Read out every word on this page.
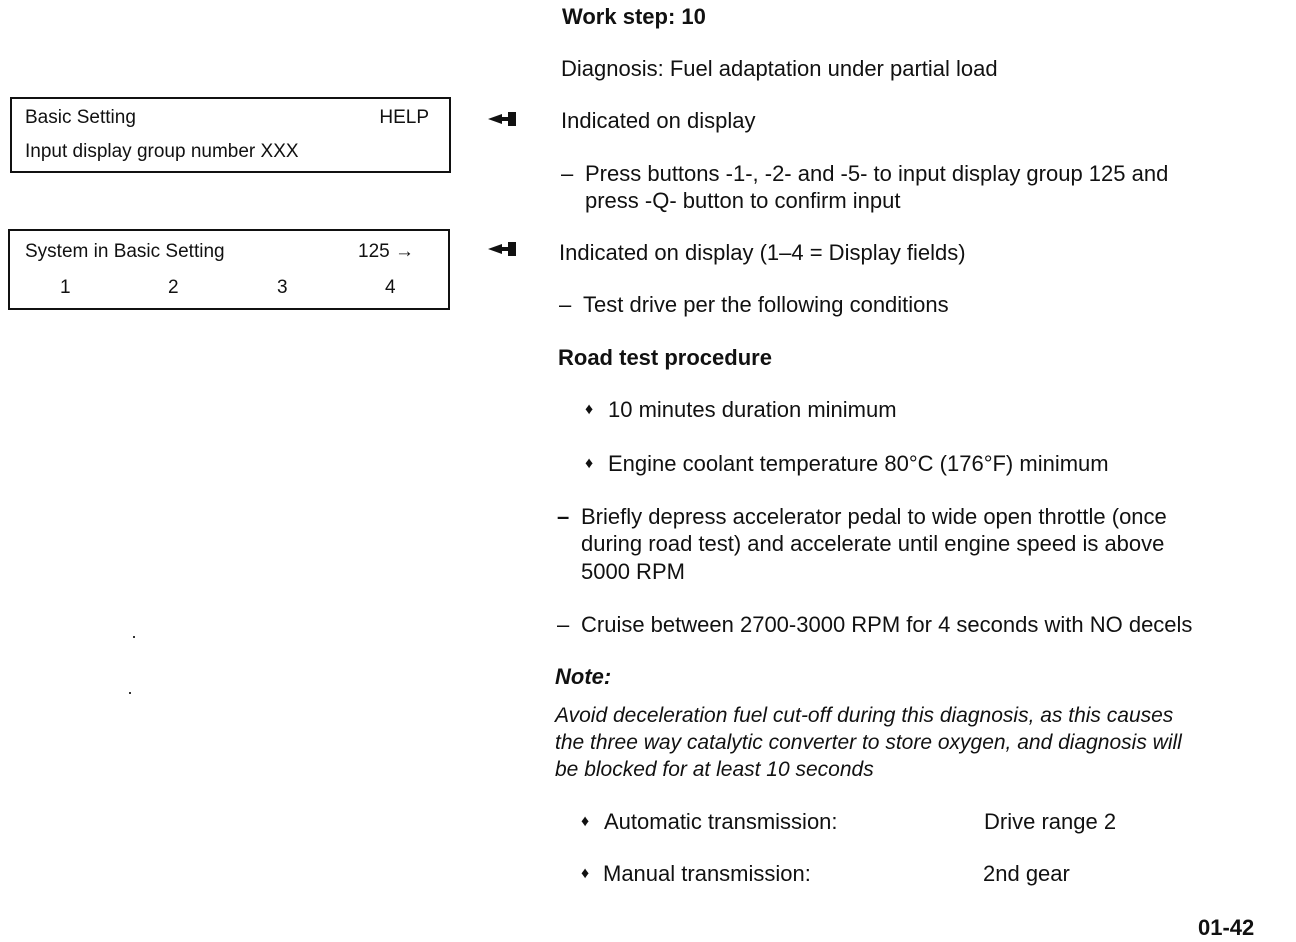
Basic Setting	HELP
Input display group number XXX
System in Basic Setting	125 →
1	2	3	4
Work step: 10
Diagnosis: Fuel adaptation under partial load
Indicated on display
– Press buttons -1-, -2- and -5- to input display group 125 and
press -Q- button to confirm input
Indicated on display (1–4 = Display fields)
– Test drive per the following conditions
Road test procedure
♦ 10 minutes duration minimum
♦ Engine coolant temperature 80°C (176°F) minimum
– Briefly depress accelerator pedal to wide open throttle (once
during road test) and accelerate until engine speed is above
5000 RPM
– Cruise between 2700-3000 RPM for 4 seconds with NO decels
Note:
Avoid deceleration fuel cut-off during this diagnosis, as this causes
the three way catalytic converter to store oxygen, and diagnosis will
be blocked for at least 10 seconds
♦ Automatic transmission:	Drive range 2
♦ Manual transmission:	2nd gear
01-42
